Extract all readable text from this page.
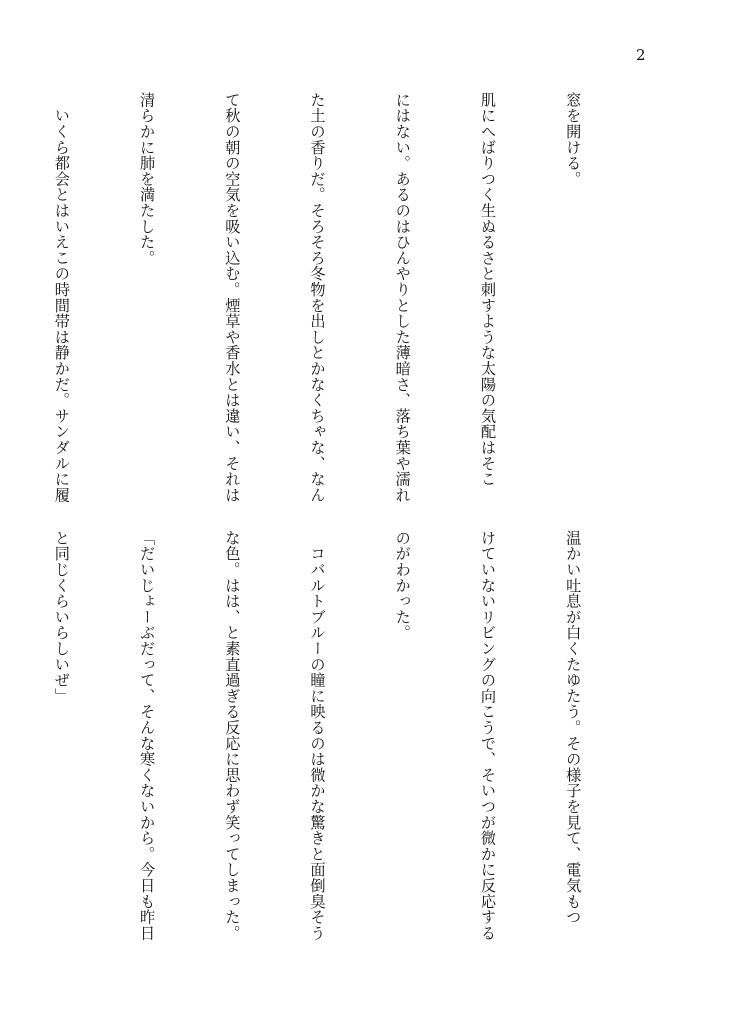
2

窓を開ける。

肌にへばりつく生ぬるさと刺すような太陽の気配はそこ

にはない。あるのはひんやりとした薄暗さ、落ち葉や濡れ

た土の香りだ。そろそろ冬物を出しとかなくちゃな、なん

て秋の朝の空気を吸い込む。煙草や香水とは違い、それは

清らかに肺を満たした。

　いくら都会とはいえこの時間帯は静かだ。サンダルに履

温かい吐息が白くたゆたう。その様子を見て、電気もつ

けていないリビングの向こうで、そいつが微かに反応する

のがわかった。

　コバルトブルーの瞳に映るのは微かな驚きと面倒臭そう

な色。はは、と素直過ぎる反応に思わず笑ってしまった。

「だいじょーぶだって、そんな寒くないから。今日も昨日

と同じくらいらしいぜ」
